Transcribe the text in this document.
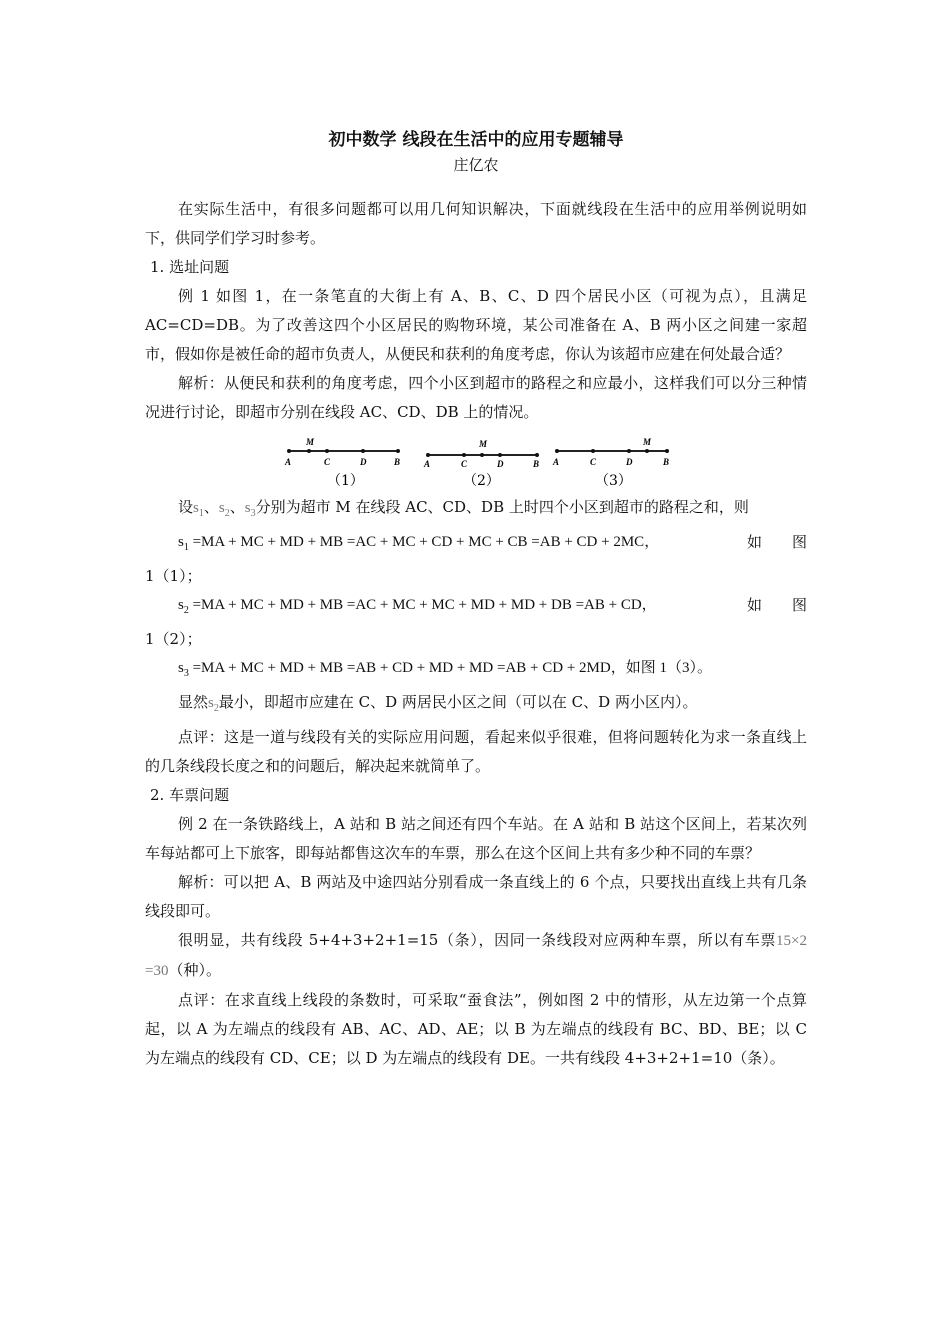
初中数学 线段在生活中的应用专题辅导
庄亿农

在实际生活中，有很多问题都可以用几何知识解决，下面就线段在生活中的应用举例说明如下，供同学们学习时参考。

1. 选址问题

例 1 如图 1，在一条笔直的大街上有 A、B、C、D 四个居民小区（可视为点），且满足 AC=CD=DB。为了改善这四个小区居民的购物环境，某公司准备在 A、B 两小区之间建一家超市，假如你是被任命的超市负责人，从便民和获利的角度考虑，你认为该超市应建在何处最合适？

解析：从便民和获利的角度考虑，四个小区到超市的路程之和应最小，这样我们可以分三种情况进行讨论，即超市分别在线段 AC、CD、DB 上的情况。

A
M
C	D	B
（1）
A	C
M
D	B
（2）
A	C	D
M
B
（3）

设$s_1$、$s_2$、$s_3$分别为超市 M 在线段 AC、CD、DB 上时四个小区到超市的路程之和，则

$s_1 =MA$ + MC + MD + MB =AC + MC + CD + MC + CB =AB + CD + 2MC，	如 图

1（1）；

$s_2 =MA$ + MC + MD + MB =AC + MC + MC + MD + MD + DB =AB + CD，	如 图

1（2）；

$s_3 =MA$ + MC + MD + MB =AB + CD + MD + MD =AB + CD + 2MD，如图 1（3）。

显然$s_2$最小，即超市应建在 C、D 两居民小区之间（可以在 C、D 两小区内）。

点评：这是一道与线段有关的实际应用问题，看起来似乎很难，但将问题转化为求一条直线上的几条线段长度之和的问题后，解决起来就简单了。

2. 车票问题

例 2 在一条铁路线上，A 站和 B 站之间还有四个车站。在 A 站和 B 站这个区间上，若某次列车每站都可上下旅客，即每站都售这次车的车票，那么在这个区间上共有多少种不同的车票？

解析：可以把 A、B 两站及中途四站分别看成一条直线上的 6 个点，只要找出直线上共有几条线段即可。

很明显，共有线段 5+4+3+2+1=15（条），因同一条线段对应两种车票，所以有车票15×2 =30（种）。

点评：在求直线上线段的条数时，可采取“蚕食法”，例如图 2 中的情形，从左边第一个点算起，以 A 为左端点的线段有 AB、AC、AD、AE；以 B 为左端点的线段有 BC、BD、BE；以 C 为左端点的线段有 CD、CE；以 D 为左端点的线段有 DE。一共有线段 4+3+2+1=10（条）。
